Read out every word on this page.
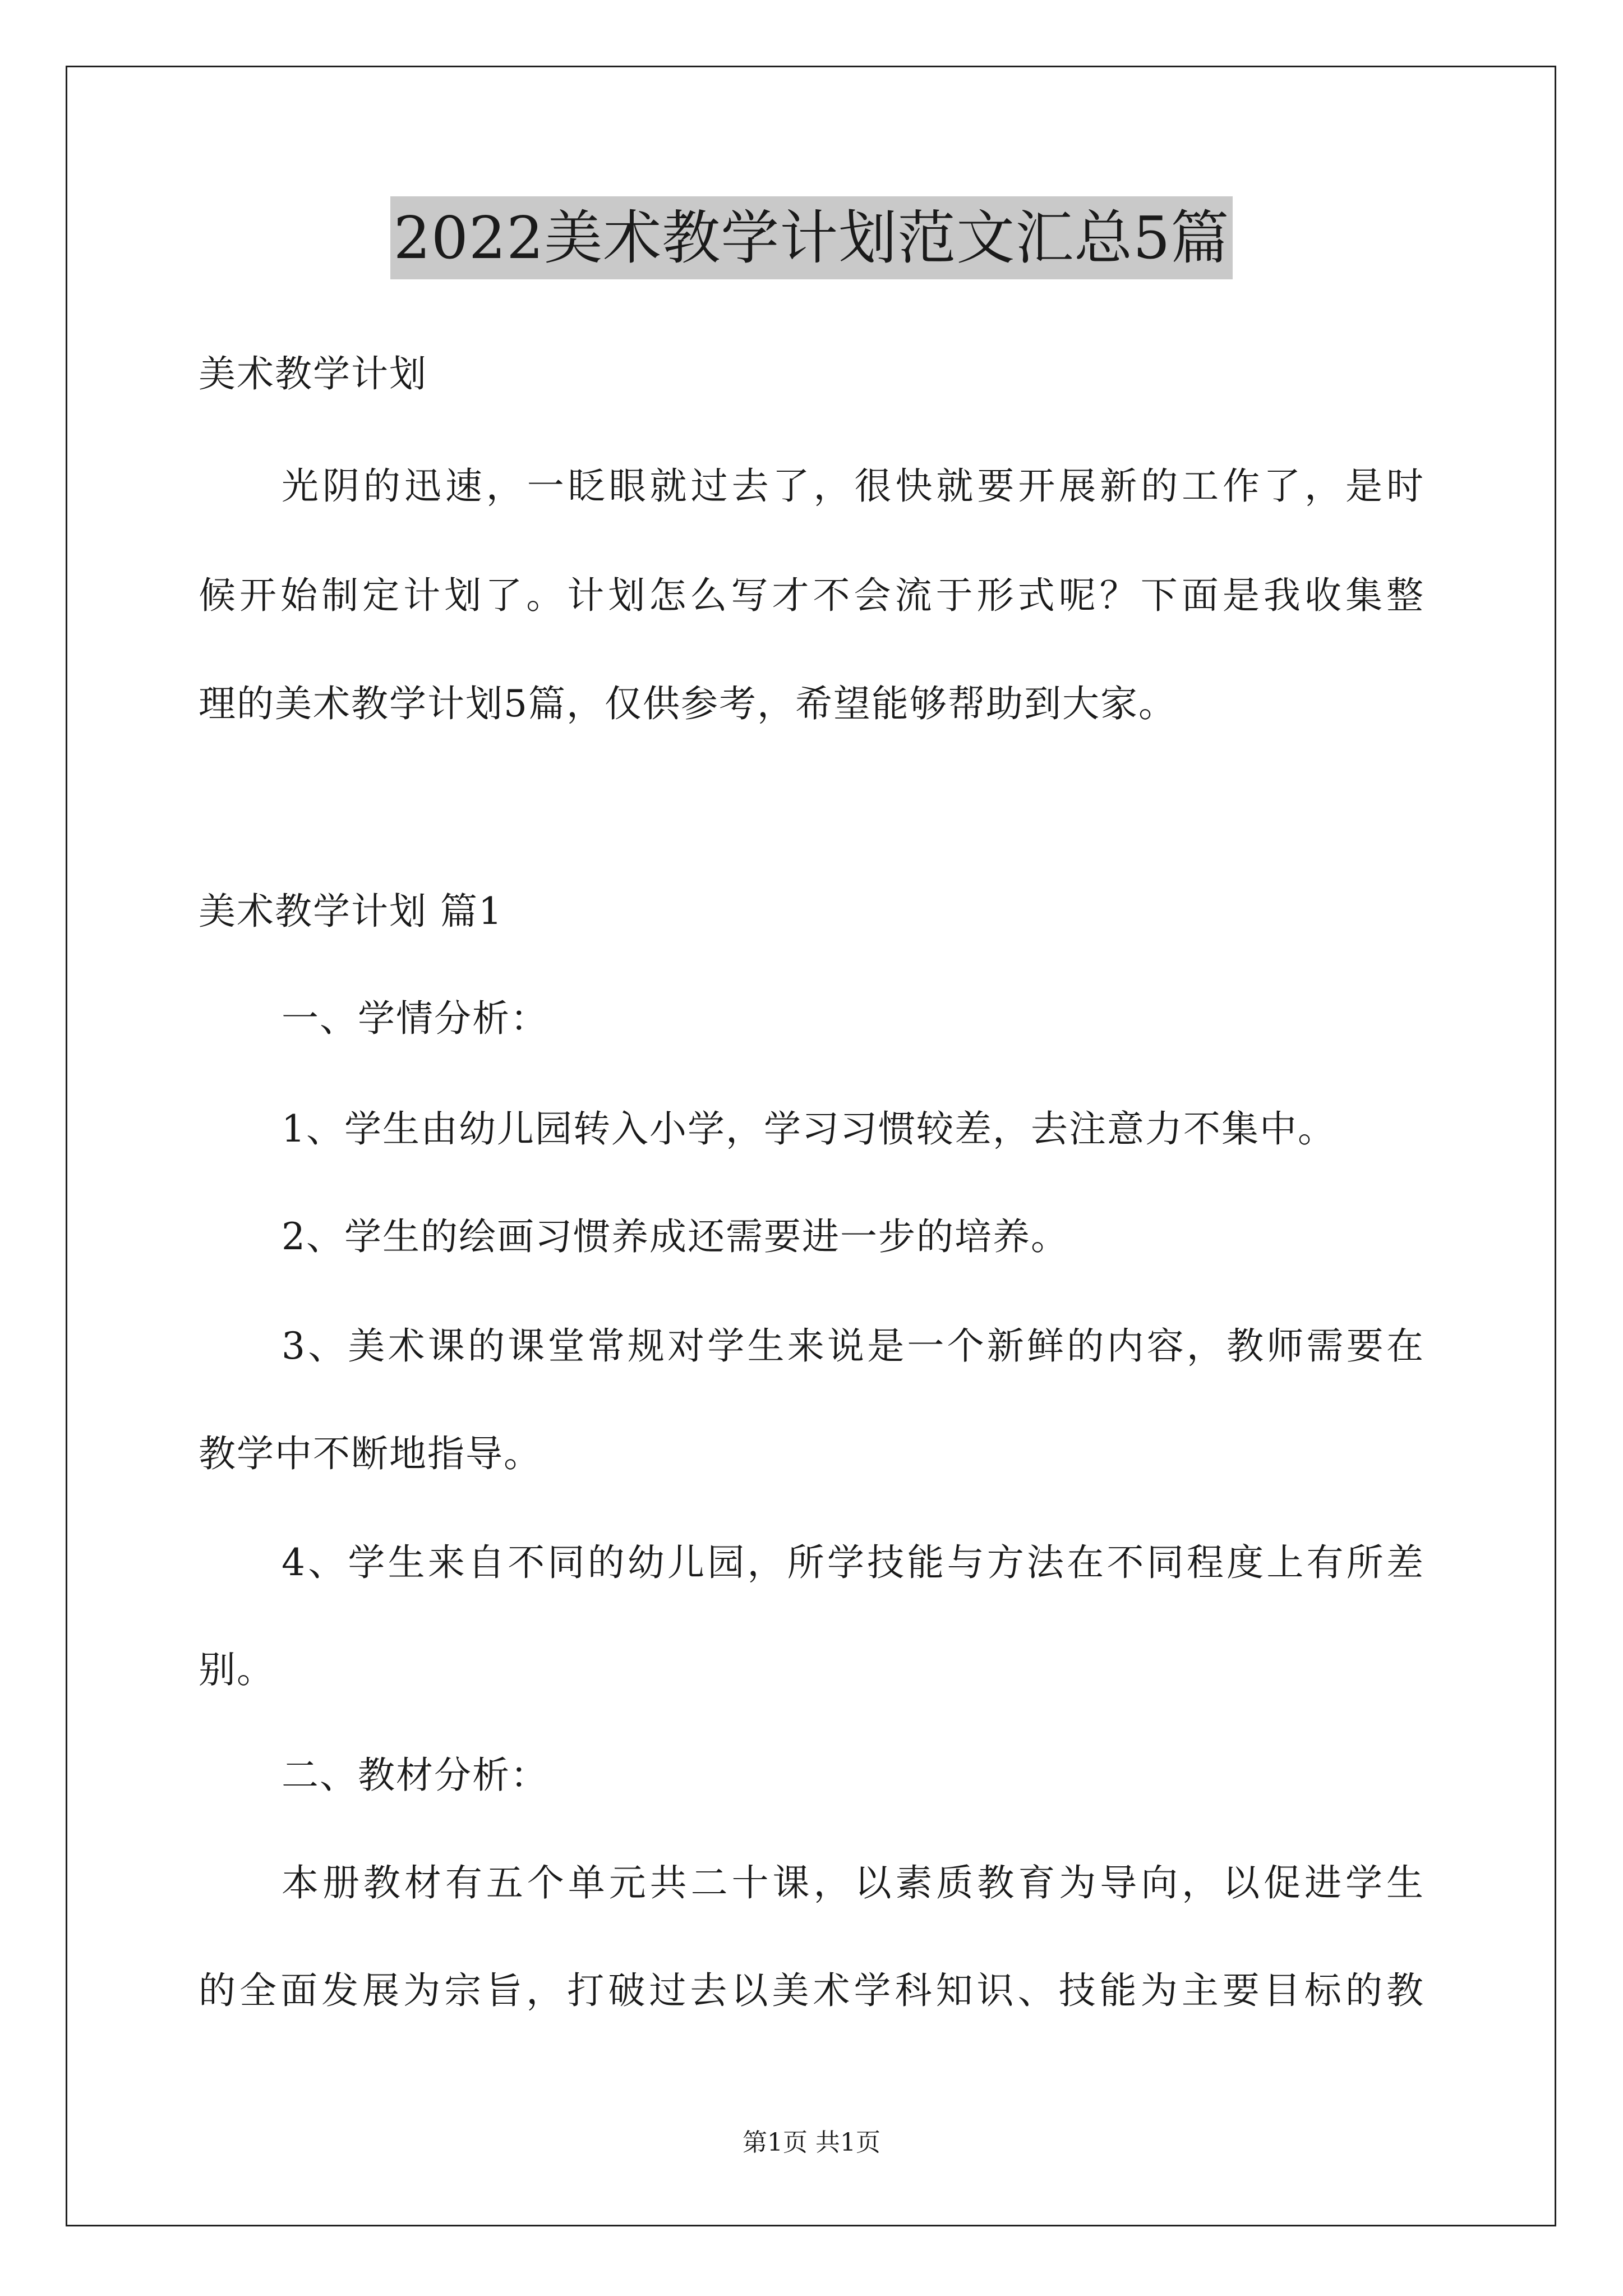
2022美术教学计划范文汇总5篇
美术教学计划
光阴的迅速，一眨眼就过去了，很快就要开展新的工作了，是时
候开始制定计划了。计划怎么写才不会流于形式呢？下面是我收集整
理的美术教学计划5篇，仅供参考，希望能够帮助到大家。
美术教学计划 篇1
一、学情分析：
1、学生由幼儿园转入小学，学习习惯较差，去注意力不集中。
2、学生的绘画习惯养成还需要进一步的培养。
3、美术课的课堂常规对学生来说是一个新鲜的内容，教师需要在
教学中不断地指导。
4、学生来自不同的幼儿园，所学技能与方法在不同程度上有所差
别。
二、教材分析：
本册教材有五个单元共二十课，以素质教育为导向，以促进学生
的全面发展为宗旨，打破过去以美术学科知识、技能为主要目标的教
第1页 共1页
